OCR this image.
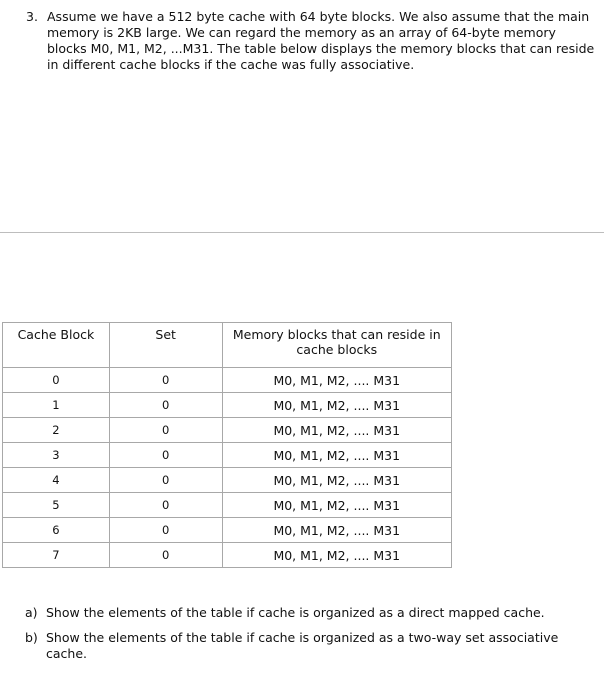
3. Assume we have a 512 byte cache with 64 byte blocks. We also assume that the main memory is 2KB large. We can regard the memory as an array of 64-byte memory blocks M0, M1, M2, ...M31. The table below displays the memory blocks that can reside in different cache blocks if the cache was fully associative.
Cache Block	Set	Memory blocks that can reside in cache blocks
0	0	M0, M1, M2, .... M31
1	0	M0, M1, M2, .... M31
2	0	M0, M1, M2, .... M31
3	0	M0, M1, M2, .... M31
4	0	M0, M1, M2, .... M31
5	0	M0, M1, M2, .... M31
6	0	M0, M1, M2, .... M31
7	0	M0, M1, M2, .... M31
a) Show the elements of the table if cache is organized as a direct mapped cache.
b) Show the elements of the table if cache is organized as a two-way set associative cache.
